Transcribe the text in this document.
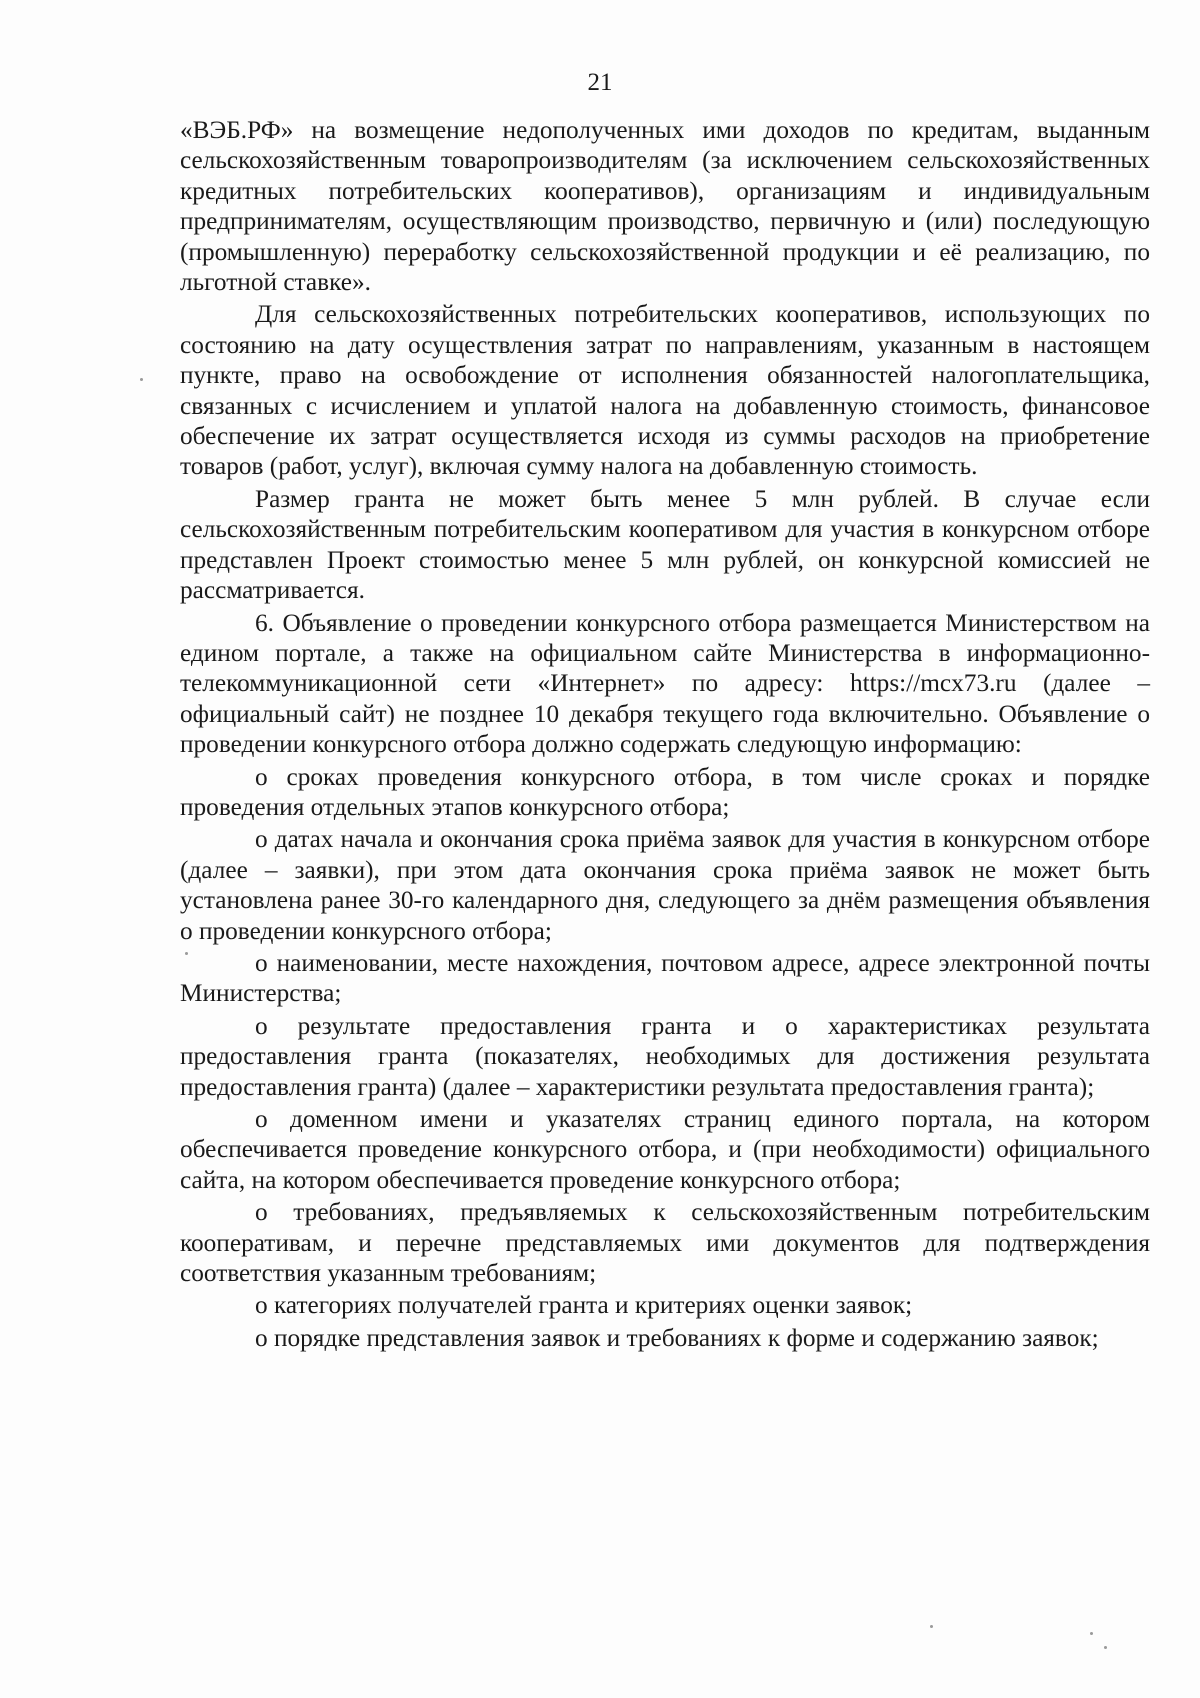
21

«ВЭБ.РФ» на возмещение недополученных ими доходов по кредитам, выданным сельскохозяйственным товаропроизводителям (за исключением сельскохозяйственных кредитных потребительских кооперативов), организациям и индивидуальным предпринимателям, осуществляющим производство, первичную и (или) последующую (промышленную) переработку сельскохозяйственной продукции и её реализацию, по льготной ставке».

Для сельскохозяйственных потребительских кооперативов, использующих по состоянию на дату осуществления затрат по направлениям, указанным в настоящем пункте, право на освобождение от исполнения обязанностей налогоплательщика, связанных с исчислением и уплатой налога на добавленную стоимость, финансовое обеспечение их затрат осуществляется исходя из суммы расходов на приобретение товаров (работ, услуг), включая сумму налога на добавленную стоимость.

Размер гранта не может быть менее 5 млн рублей. В случае если сельскохозяйственным потребительским кооперативом для участия в конкурсном отборе представлен Проект стоимостью менее 5 млн рублей, он конкурсной комиссией не рассматривается.

6. Объявление о проведении конкурсного отбора размещается Министерством на едином портале, а также на официальном сайте Министерства в информационно-телекоммуникационной сети «Интернет» по адресу: https://mcx73.ru (далее – официальный сайт) не позднее 10 декабря текущего года включительно. Объявление о проведении конкурсного отбора должно содержать следующую информацию:

о сроках проведения конкурсного отбора, в том числе сроках и порядке проведения отдельных этапов конкурсного отбора;

о датах начала и окончания срока приёма заявок для участия в конкурсном отборе (далее – заявки), при этом дата окончания срока приёма заявок не может быть установлена ранее 30-го календарного дня, следующего за днём размещения объявления о проведении конкурсного отбора;

о наименовании, месте нахождения, почтовом адресе, адресе электронной почты Министерства;

о результате предоставления гранта и о характеристиках результата предоставления гранта (показателях, необходимых для достижения результата предоставления гранта) (далее – характеристики результата предоставления гранта);

о доменном имени и указателях страниц единого портала, на котором обеспечивается проведение конкурсного отбора, и (при необходимости) официального сайта, на котором обеспечивается проведение конкурсного отбора;

о требованиях, предъявляемых к сельскохозяйственным потребительским кооперативам, и перечне представляемых ими документов для подтверждения соответствия указанным требованиям;

о категориях получателей гранта и критериях оценки заявок;

о порядке представления заявок и требованиях к форме и содержанию заявок;
